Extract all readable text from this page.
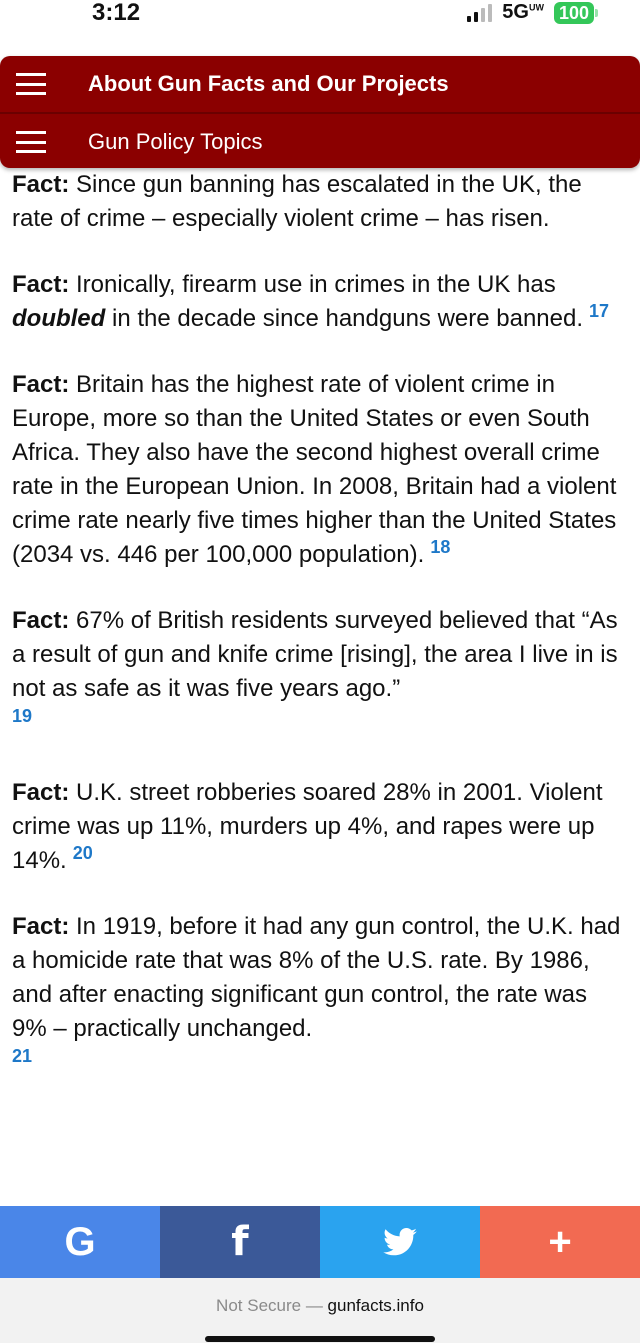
3:12	$5G^{UW}$ 100
About Gun Facts and Our Projects
Gun Policy Topics

Fact: Since gun banning has escalated in the UK, the rate of crime – especially violent crime – has risen.

Fact: Ironically, firearm use in crimes in the UK has doubled in the decade since handguns were banned. $^{17}$

Fact: Britain has the highest rate of violent crime in Europe, more so than the United States or even South Africa. They also have the second highest overall crime rate in the European Union. In 2008, Britain had a violent crime rate nearly five times higher than the United States (2034 vs. 446 per 100,000 population). $^{18}$

Fact: 67% of British residents surveyed believed that “As a result of gun and knife crime [rising], the area I live in is not as safe as it was five years ago.”
19

Fact: U.K. street robberies soared 28% in 2001. Violent crime was up 11%, murders up 4%, and rapes were up 14%. $^{20}$

Fact: In 1919, before it had any gun control, the U.K. had a homicide rate that was 8% of the U.S. rate. By 1986, and after enacting significant gun control, the rate was 9% – practically unchanged.
21

G	f	+
Not Secure — gunfacts.info
